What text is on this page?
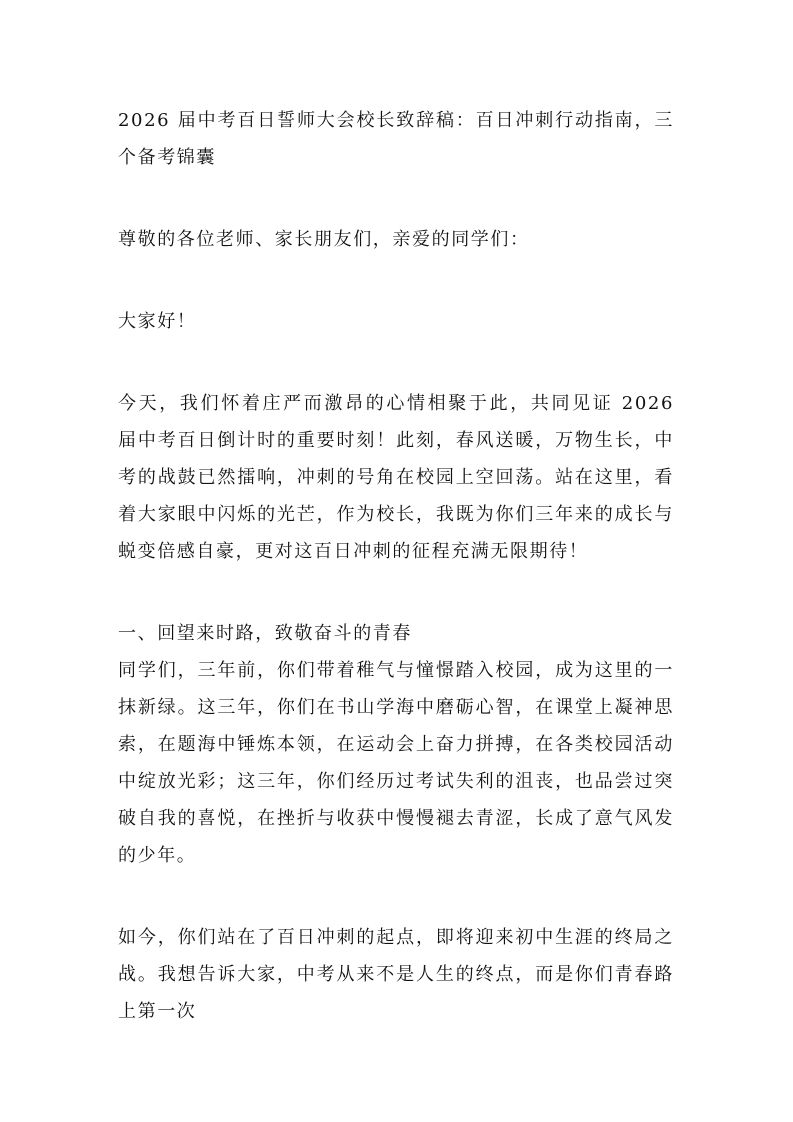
2026 届中考百日誓师大会校长致辞稿：百日冲刺行动指南，三个备考锦囊

尊敬的各位老师、家长朋友们，亲爱的同学们：

大家好！

今天，我们怀着庄严而激昂的心情相聚于此，共同见证 2026 届中考百日倒计时的重要时刻！此刻，春风送暖，万物生长，中考的战鼓已然擂响，冲刺的号角在校园上空回荡。站在这里，看着大家眼中闪烁的光芒，作为校长，我既为你们三年来的成长与蜕变倍感自豪，更对这百日冲刺的征程充满无限期待！

一、回望来时路，致敬奋斗的青春

同学们，三年前，你们带着稚气与憧憬踏入校园，成为这里的一抹新绿。这三年，你们在书山学海中磨砺心智，在课堂上凝神思索，在题海中锤炼本领，在运动会上奋力拼搏，在各类校园活动中绽放光彩；这三年，你们经历过考试失利的沮丧，也品尝过突破自我的喜悦，在挫折与收获中慢慢褪去青涩，长成了意气风发的少年。

如今，你们站在了百日冲刺的起点，即将迎来初中生涯的终局之战。我想告诉大家，中考从来不是人生的终点，而是你们青春路上第一次
